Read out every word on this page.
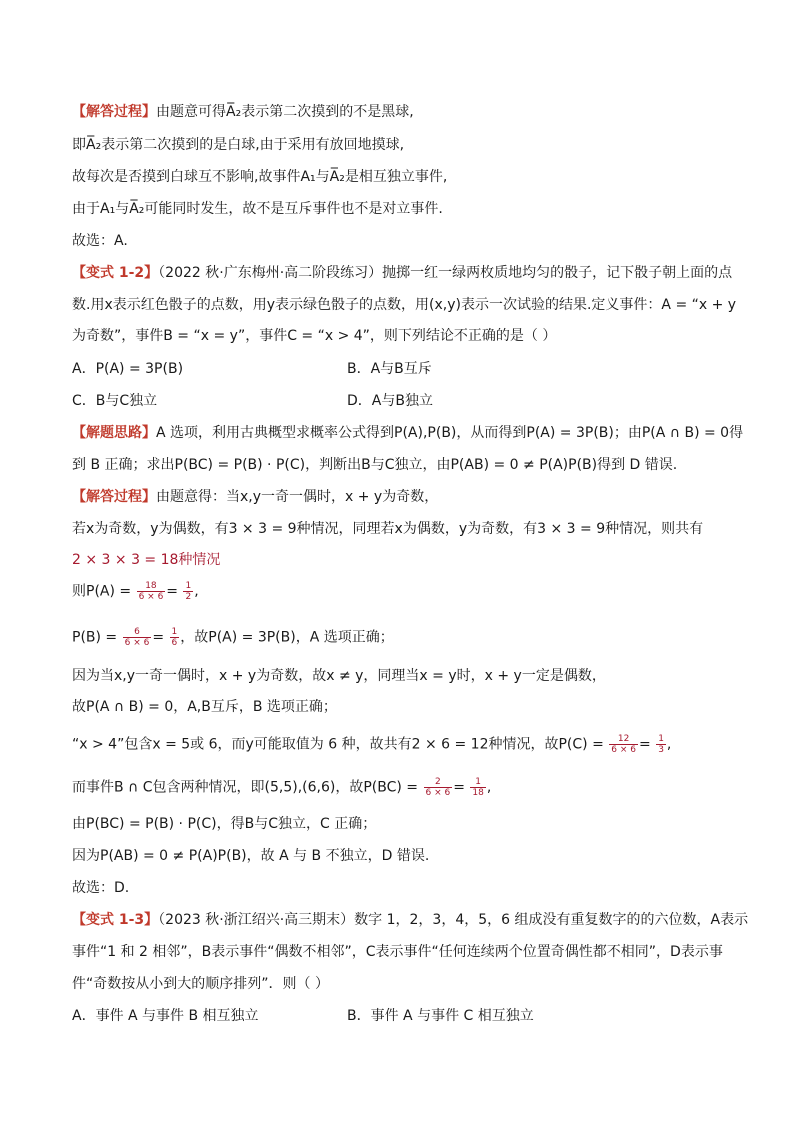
【解答过程】由题意可得A̅₂表示第二次摸到的不是黑球,
即A̅₂表示第二次摸到的是白球,由于采用有放回地摸球,
故每次是否摸到白球互不影响,故事件A₁与A̅₂是相互独立事件,
由于A₁与A̅₂可能同时发生，故不是互斥事件也不是对立事件.
故选：A.
【变式 1-2】（2022 秋·广东梅州·高二阶段练习）抛掷一红一绿两枚质地均匀的骰子，记下骰子朝上面的点
数.用x表示红色骰子的点数，用y表示绿色骰子的点数，用(x,y)表示一次试验的结果.定义事件：A = “x + y
为奇数”，事件B = “x = y”，事件C = “x > 4”，则下列结论不正确的是（ ）
A．P(A) = 3P(B)	B．A与B互斥
C．B与C独立	D．A与B独立
【解题思路】A 选项，利用古典概型求概率公式得到P(A),P(B)，从而得到P(A) = 3P(B)；由P(A ∩ B) = 0得
到 B 正确；求出P(BC) = P(B) · P(C)，判断出B与C独立，由P(AB) = 0 ≠ P(A)P(B)得到 D 错误.
【解答过程】由题意得：当x,y一奇一偶时，x + y为奇数，
若x为奇数，y为偶数，有3 × 3 = 9种情况，同理若x为偶数，y为奇数，有3 × 3 = 9种情况，则共有
2 × 3 × 3 = 18种情况
则$P(A) = \frac{18}{6 \times 6} = \frac{1}{2}$ ,
$P(B) = \frac{6}{6 \times 6} = \frac{1}{6}$ ，故P(A) = 3P(B)，A 选项正确；
因为当x,y一奇一偶时，x + y为奇数，故x ≠ y，同理当x = y时，x + y一定是偶数，
故P(A ∩ B) = 0，A,B互斥，B 选项正确；
“x > 4”包含x = 5或 6，而y可能取值为 6 种，故共有2 × 6 = 12种情况，故$P(C) = \frac{12}{6 \times 6} = \frac{1}{3}$ ,
而事件B ∩ C包含两种情况，即(5,5),(6,6)，故$P(BC) = \frac{2}{6 \times 6} = \frac{1}{18}$ ,
由P(BC) = P(B) · P(C)，得B与C独立，C 正确；
因为P(AB) = 0 ≠ P(A)P(B)，故 A 与 B 不独立，D 错误.
故选：D.
【变式 1-3】（2023 秋·浙江绍兴·高三期末）数字 1，2，3，4，5，6 组成没有重复数字的的六位数，A表示
事件“1 和 2 相邻”，B表示事件“偶数不相邻”，C表示事件“任何连续两个位置奇偶性都不相同”，D表示事
件“奇数按从小到大的顺序排列”．则（ ）
A．事件 A 与事件 B 相互独立	B．事件 A 与事件 C 相互独立
